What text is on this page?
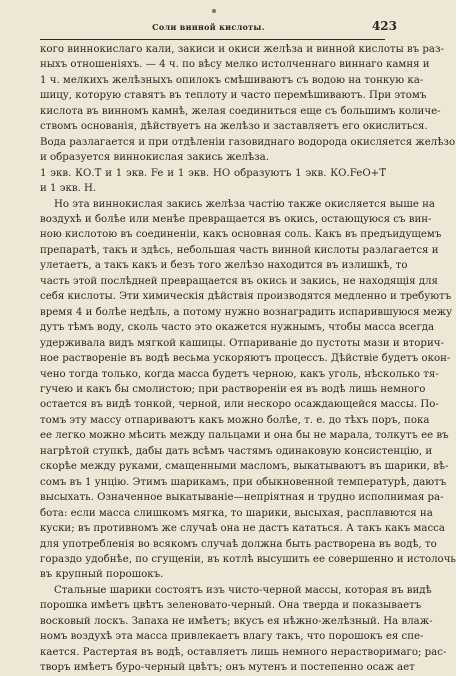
Соли винной кислоты.	423
кого виннокислаго кали, закиси и окиси желѣза и винной кислоты въ раз-
ныхъ отношеніяхъ. — 4 ч. по вѣсу мелко истолченнаго виннаго камня и
1 ч. мелкихъ желѣзныхъ опилокъ смѣшиваютъ съ водою на тонкую ка-
шицу, которую ставятъ въ теплоту и часто перемѣшиваютъ. При этомъ
кислота въ винномъ камнѣ, желая соединиться еще съ большимъ количе-
ствомъ основанія, дѣйствуетъ на желѣзо и заставляетъ его окислиться.
Вода разлагается и при отдѣленіи газовиднаго водорода окисляется желѣзо
и образуется виннокислая закись желѣза.
1 экв. КО.Т̄ и 1 экв. Fe и 1 экв. НО образуютъ 1 экв. КО.FeO+Т̄
и 1 экв. Н.
Но эта виннокислая закись желѣза частію также окисляется выше на
воздухѣ и болѣе или менѣе превращается въ окись, остающуюся съ вин-
ною кислотою въ соединеніи, какъ основная соль. Какъ въ предъидущемъ
препаратѣ, такъ и здѣсь, небольшая часть винной кислоты разлагается и
улетаетъ, а такъ какъ и безъ того желѣзо находится въ излишкѣ, то
часть этой послѣдней превращается въ окись и закись, не находящія для
себя кислоты. Эти химическія дѣйствія производятся медленно и требуютъ
время 4 и болѣе недѣль, а потому нужно вознаградить испарившуюся межу
дутъ тѣмъ воду, сколь часто это окажется нужнымъ, чтобы масса всегда
удерживала видъ мягкой кашицы. Отпариваніе до пустоты мази и вторич-
ное раствореніе въ водѣ весьма ускоряютъ процессъ. Дѣйствіе будетъ окон-
чено тогда только, когда масса будетъ черною, какъ уголь, нѣсколько тя-
гучею и какъ бы смолистою; при раствореніи ея въ водѣ лишь немного
остается въ видѣ тонкой, черной, или нескоро осаждающейся массы. По-
томъ эту массу отпариваютъ какъ можно болѣе, т. е. до тѣхъ поръ, пока
ее легко можно мѣсить между пальцами и она бы не марала, толкутъ ее въ
нагрѣтой ступкѣ, дабы дать всѣмъ частямъ одинаковую консистенцію, и
скорѣе между руками, смащенными масломъ, выкатываютъ въ шарики, вѣ-
сомъ въ 1 унцію. Этимъ шарикамъ, при обыкновенной температурѣ, даютъ
высыхать. Означенное выкатываніе—непріятная и трудно исполнимая ра-
бота: если масса слишкомъ мягка, то шарики, высыхая, расплавются на
куски; въ противномъ же случаѣ она не дастъ кататься. А такъ какъ масса
для употребленія во всякомъ случаѣ должна быть растворена въ водѣ, то
гораздо удобнѣе, по сгущеніи, въ котлѣ высушить ее совершенно и истолочь
въ крупный порошокъ.
Стальные шарики состоятъ изъ чисто-черной массы, которая въ видѣ
порошка имѣетъ цвѣтъ зеленовато-черный. Она тверда и показываетъ
восковый лоскъ. Запаха не имѣетъ; вкусъ ея нѣжно-желѣзный. На влаж-
номъ воздухѣ эта масса привлекаетъ влагу такъ, что порошокъ ея спе-
кается. Растертая въ водѣ, оставляетъ лишь немного нерастворимаго; рас-
творъ имѣетъ буро-черный цвѣтъ; онъ мутенъ и постепенно осаж ает
